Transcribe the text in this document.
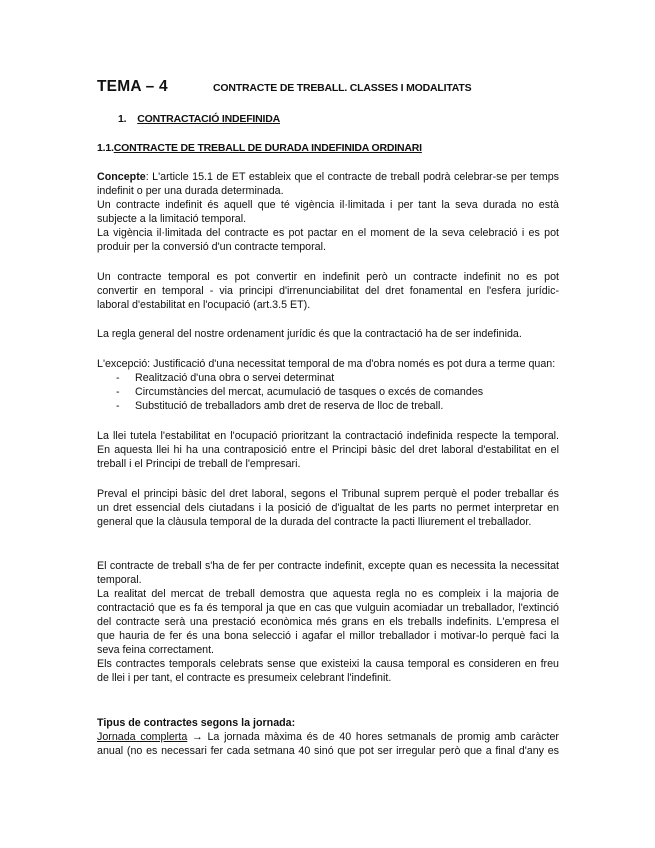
TEMA – 4	CONTRACTE DE TREBALL. CLASSES I MODALITATS
1. CONTRACTACIÓ INDEFINIDA
1.1.CONTRACTE DE TREBALL DE DURADA INDEFINIDA ORDINARI
Concepte: L'article 15.1 de ET estableix que el contracte de treball podrà celebrar-se per temps
indefinit o per una durada determinada.
Un contracte indefinit és aquell que té vigència il·limitada i per tant la seva durada no està
subjecte a la limitació temporal.
La vigència il·limitada del contracte es pot pactar en el moment de la seva celebració i es pot
produir per la conversió d'un contracte temporal.
Un contracte temporal es pot convertir en indefinit però un contracte indefinit no es pot
convertir en temporal - via principi d'irrenunciabilitat del dret fonamental en l'esfera jurídic-
laboral d'estabilitat en l'ocupació (art.3.5 ET).
La regla general del nostre ordenament jurídic és que la contractació ha de ser indefinida.
L'excepció: Justificació d'una necessitat temporal de ma d'obra només es pot dura a terme quan:
- Realització d'una obra o servei determinat
- Circumstàncies del mercat, acumulació de tasques o excés de comandes
- Substitució de treballadors amb dret de reserva de lloc de treball.
La llei tutela l'estabilitat en l'ocupació prioritzant la contractació indefinida respecte la temporal.
En aquesta llei hi ha una contraposició entre el Principi bàsic del dret laboral d'estabilitat en el
treball i el Principi de treball de l'empresari.
Preval el principi bàsic del dret laboral, segons el Tribunal suprem perquè el poder treballar és
un dret essencial dels ciutadans i la posició de d'igualtat de les parts no permet interpretar en
general que la clàusula temporal de la durada del contracte la pacti lliurement el treballador.
El contracte de treball s'ha de fer per contracte indefinit, excepte quan es necessita la necessitat
temporal.
La realitat del mercat de treball demostra que aquesta regla no es compleix i la majoria de
contractació que es fa és temporal ja que en cas que vulguin acomiadar un treballador, l'extinció
del contracte serà una prestació econòmica més grans en els treballs indefinits. L'empresa el
que hauria de fer és una bona selecció i agafar el millor treballador i motivar-lo perquè faci la
seva feina correctament.
Els contractes temporals celebrats sense que existeixi la causa temporal es consideren en freu
de llei i per tant, el contracte es presumeix celebrant l'indefinit.
Tipus de contractes segons la jornada:
Jornada complerta → La jornada màxima és de 40 hores setmanals de promig amb caràcter
anual (no es necessari fer cada setmana 40 sinó que pot ser irregular però que a final d'any es
